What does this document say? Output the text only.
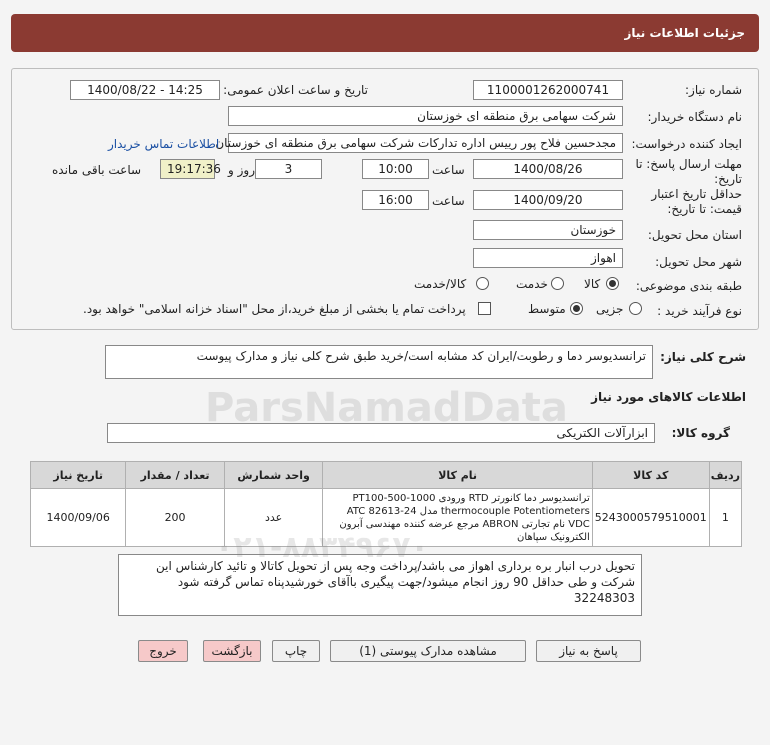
جزئیات اطلاعات نیاز
شماره نیاز:
1100001262000741
تاریخ و ساعت اعلان عمومی:
1400/08/22 - 14:25
نام دستگاه خریدار:
شرکت سهامی برق منطقه ای خوزستان
ایجاد کننده درخواست:
مجدحسین فلاح پور رییس اداره تدارکات شرکت سهامی برق منطقه ای خوزستان
اطلاعات تماس خریدار
مهلت ارسال پاسخ: تا
تاریخ:
1400/08/26
ساعت
10:00
3
روز و
19:17:36
ساعت باقی مانده
حداقل تاریخ اعتبار
قیمت: تا تاریخ:
1400/09/20
ساعت
16:00
استان محل تحویل:
خوزستان
شهر محل تحویل:
اهواز
طبقه بندی موضوعی:
کالا
خدمت
کالا/خدمت
نوع فرآیند خرید :
جزیی
متوسط
پرداخت تمام یا بخشی از مبلغ خرید،از محل "اسناد خزانه اسلامی" خواهد بود.
شرح کلی نیاز:
ترانسدیوسر دما و رطوبت/ایران کد مشابه است/خرید طبق شرح کلی نیاز و مدارک پیوست
اطلاعات کالاهای مورد نیاز
گروه کالا:
ابزارآلات الکتریکی
ردیف	کد کالا	نام کالا	واحد شمارش	تعداد / مقدار	تاریخ نیاز
1	5243000579510001	ترانسدیوسر دما کانورتر RTD ورودی PT100-500-1000 thermocouple Potentiometers مدل ATC 82613-24 VDC نام تجارتی ABRON مرجع عرضه کننده مهندسی آبرون الکترونیک سپاهان	عدد	200	1400/09/06
تحویل درب انبار بره برداری اهواز می باشد/پرداخت وجه پس از تحویل کاتالا و تائید کارشناس این شرکت و طی حداقل 90 روز انجام میشود/جهت پیگیری باآقای خورشیدپناه تماس گرفته شود 32248303
پاسخ به نیاز
مشاهده مدارک پیوستی (1)
چاپ
بازگشت
خروج
ParsNamadData
۰۲۱-۸۸۳۴۹۶۷۰
